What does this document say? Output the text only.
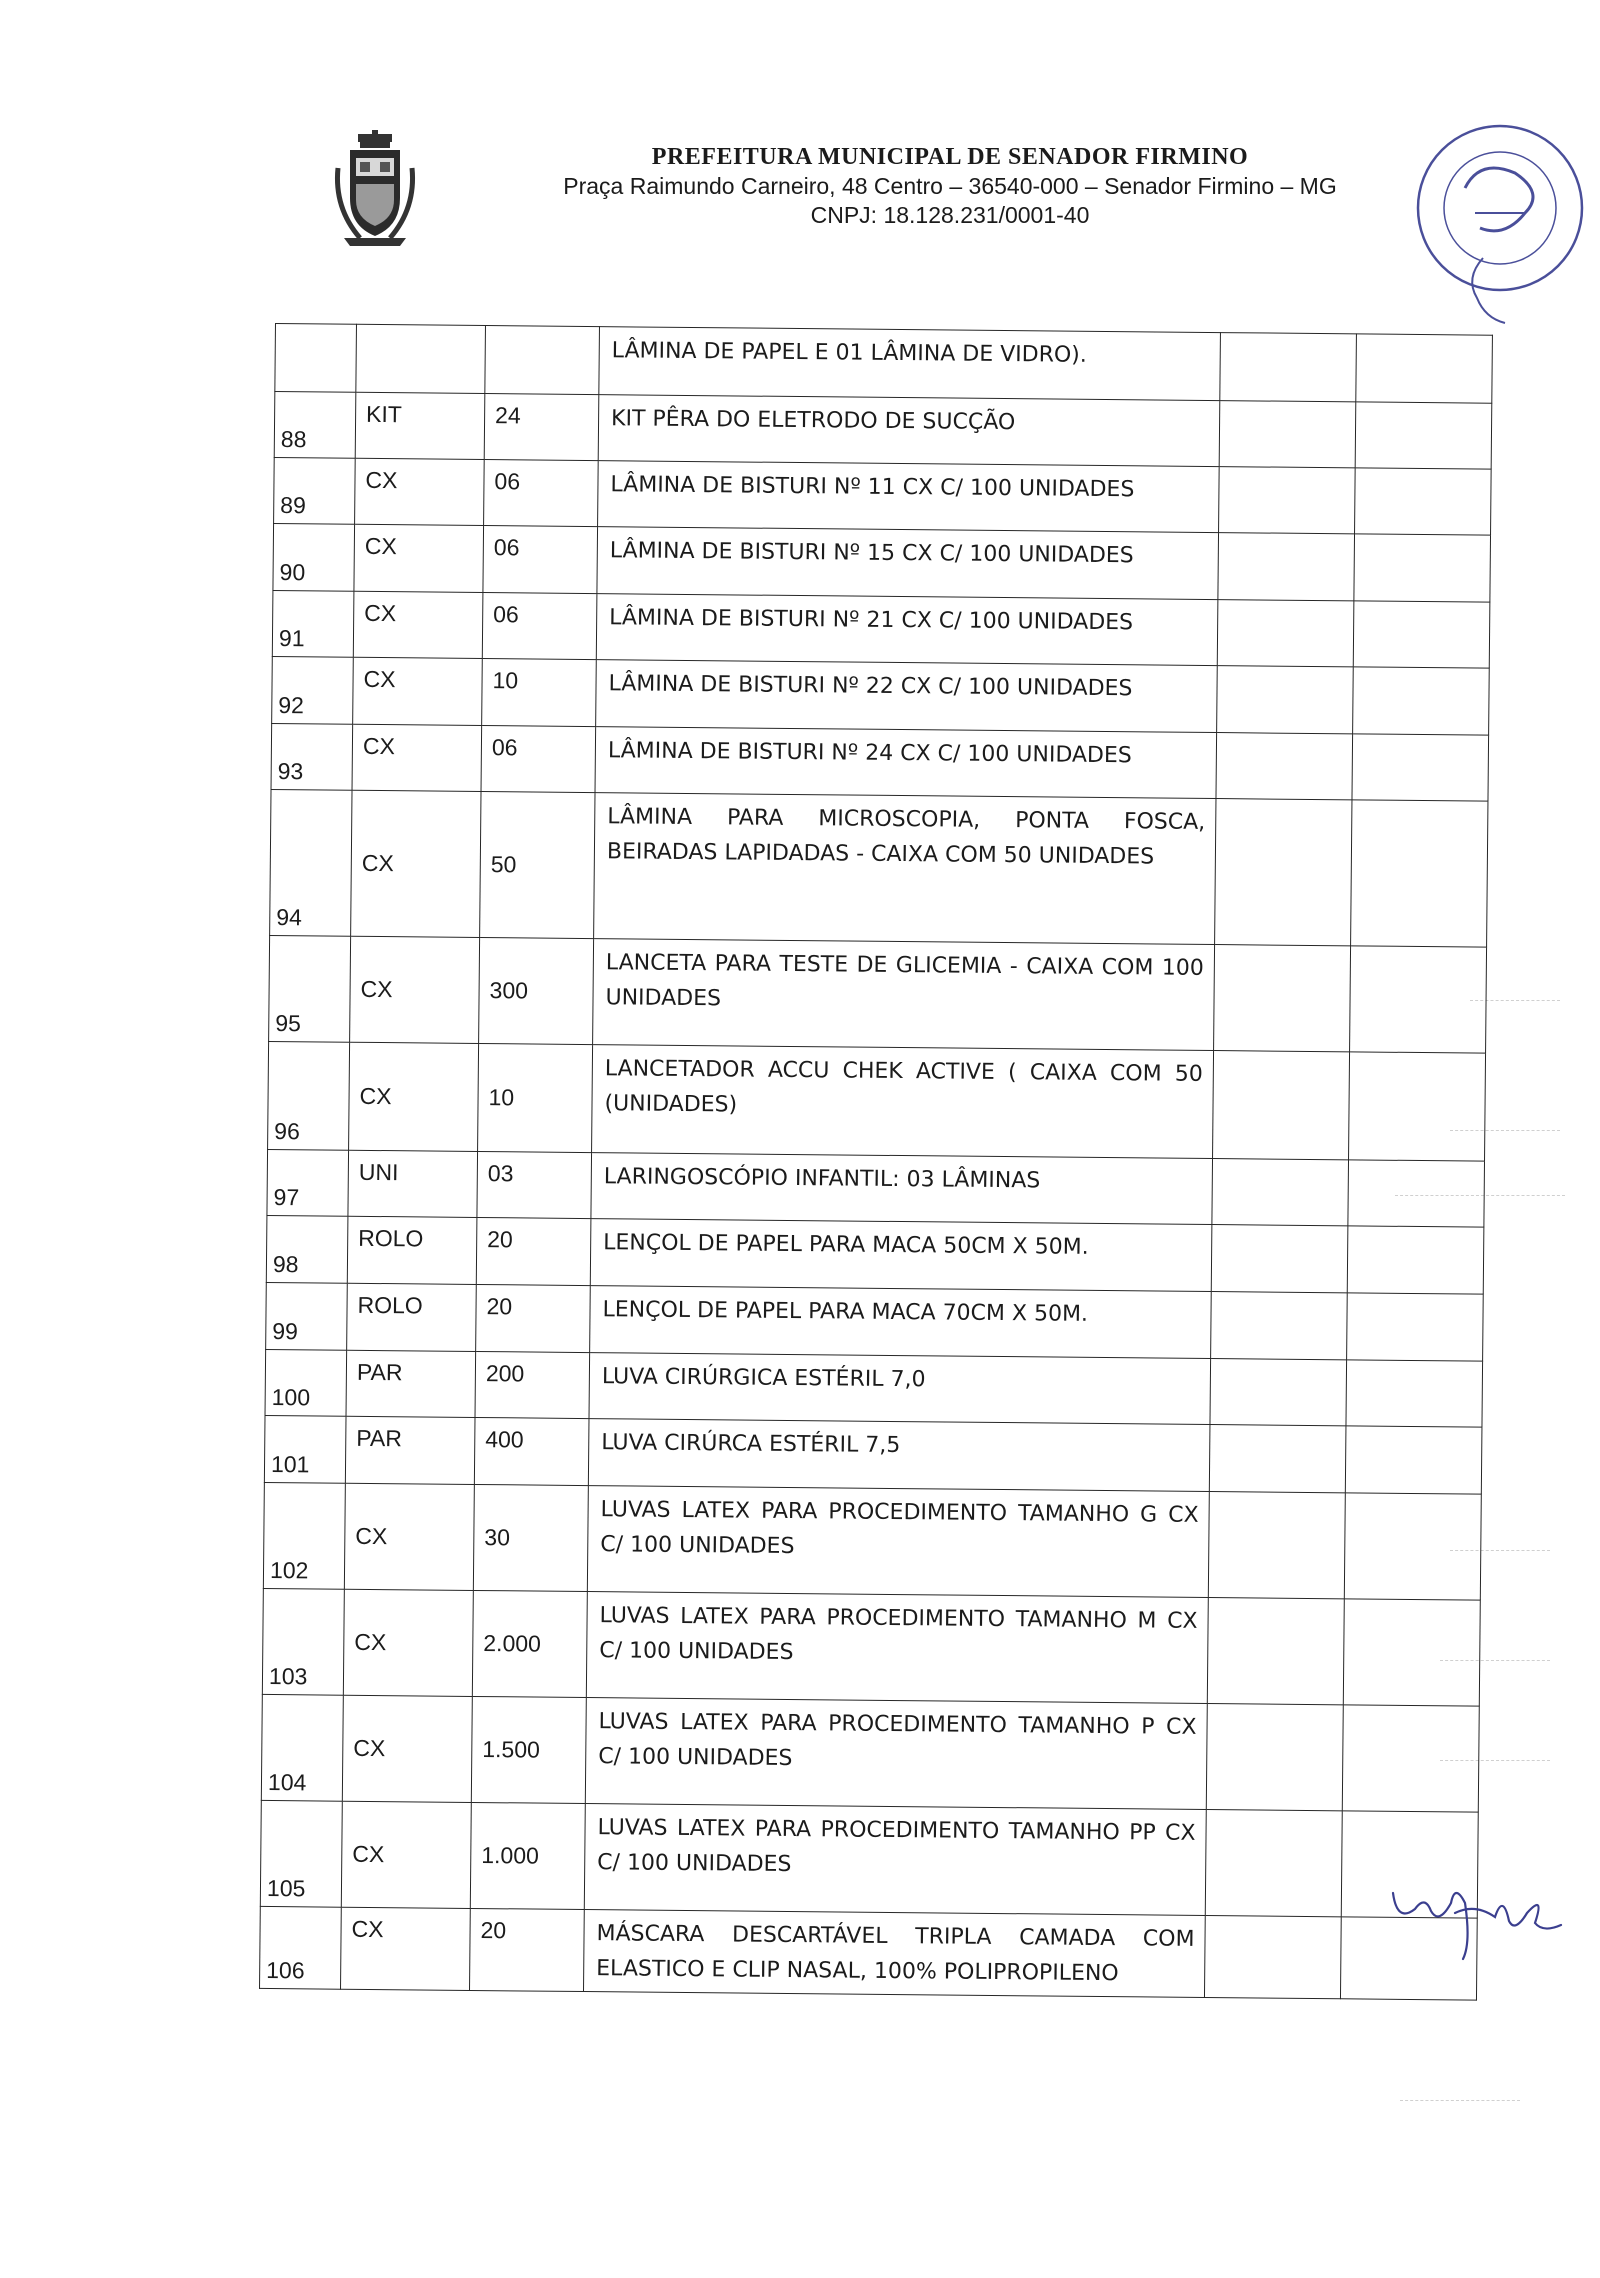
PREFEITURA MUNICIPAL DE SENADOR FIRMINO
Praça Raimundo Carneiro, 48 Centro – 36540-000 – Senador Firmino – MG
CNPJ: 18.128.231/0001-40
			LÂMINA DE PAPEL E 01 LÂMINA DE VIDRO).		
88	KIT	24	KIT PÊRA DO ELETRODO DE SUCÇÃO		
89	CX	06	LÂMINA DE BISTURI Nº 11 CX C/ 100 UNIDADES		
90	CX	06	LÂMINA DE BISTURI Nº 15 CX C/ 100 UNIDADES		
91	CX	06	LÂMINA DE BISTURI Nº 21 CX C/ 100 UNIDADES		
92	CX	10	LÂMINA DE BISTURI Nº 22 CX C/ 100 UNIDADES		
93	CX	06	LÂMINA DE BISTURI Nº 24 CX C/ 100 UNIDADES		
94	CX	50	LÂMINA PARA MICROSCOPIA, PONTA FOSCA, BEIRADAS LAPIDADAS - CAIXA COM 50 UNIDADES		
95	CX	300	LANCETA PARA TESTE DE GLICEMIA - CAIXA COM 100 UNIDADES		
96	CX	10	LANCETADOR ACCU CHEK ACTIVE ( CAIXA COM 50 (UNIDADES)		
97	UNI	03	LARINGOSCÓPIO INFANTIL: 03 LÂMINAS		
98	ROLO	20	LENÇOL DE PAPEL PARA MACA 50CM X 50M.		
99	ROLO	20	LENÇOL DE PAPEL PARA MACA 70CM X 50M.		
100	PAR	200	LUVA CIRÚRGICA ESTÉRIL 7,0		
101	PAR	400	LUVA CIRÚRCA ESTÉRIL 7,5		
102	CX	30	LUVAS LATEX PARA PROCEDIMENTO TAMANHO G CX C/ 100 UNIDADES		
103	CX	2.000	LUVAS LATEX PARA PROCEDIMENTO TAMANHO M CX C/ 100 UNIDADES		
104	CX	1.500	LUVAS LATEX PARA PROCEDIMENTO TAMANHO P CX C/ 100 UNIDADES		
105	CX	1.000	LUVAS LATEX PARA PROCEDIMENTO TAMANHO PP CX C/ 100 UNIDADES		
106	CX	20	MÁSCARA DESCARTÁVEL TRIPLA CAMADA COM ELASTICO E CLIP NASAL, 100% POLIPROPILENO		
